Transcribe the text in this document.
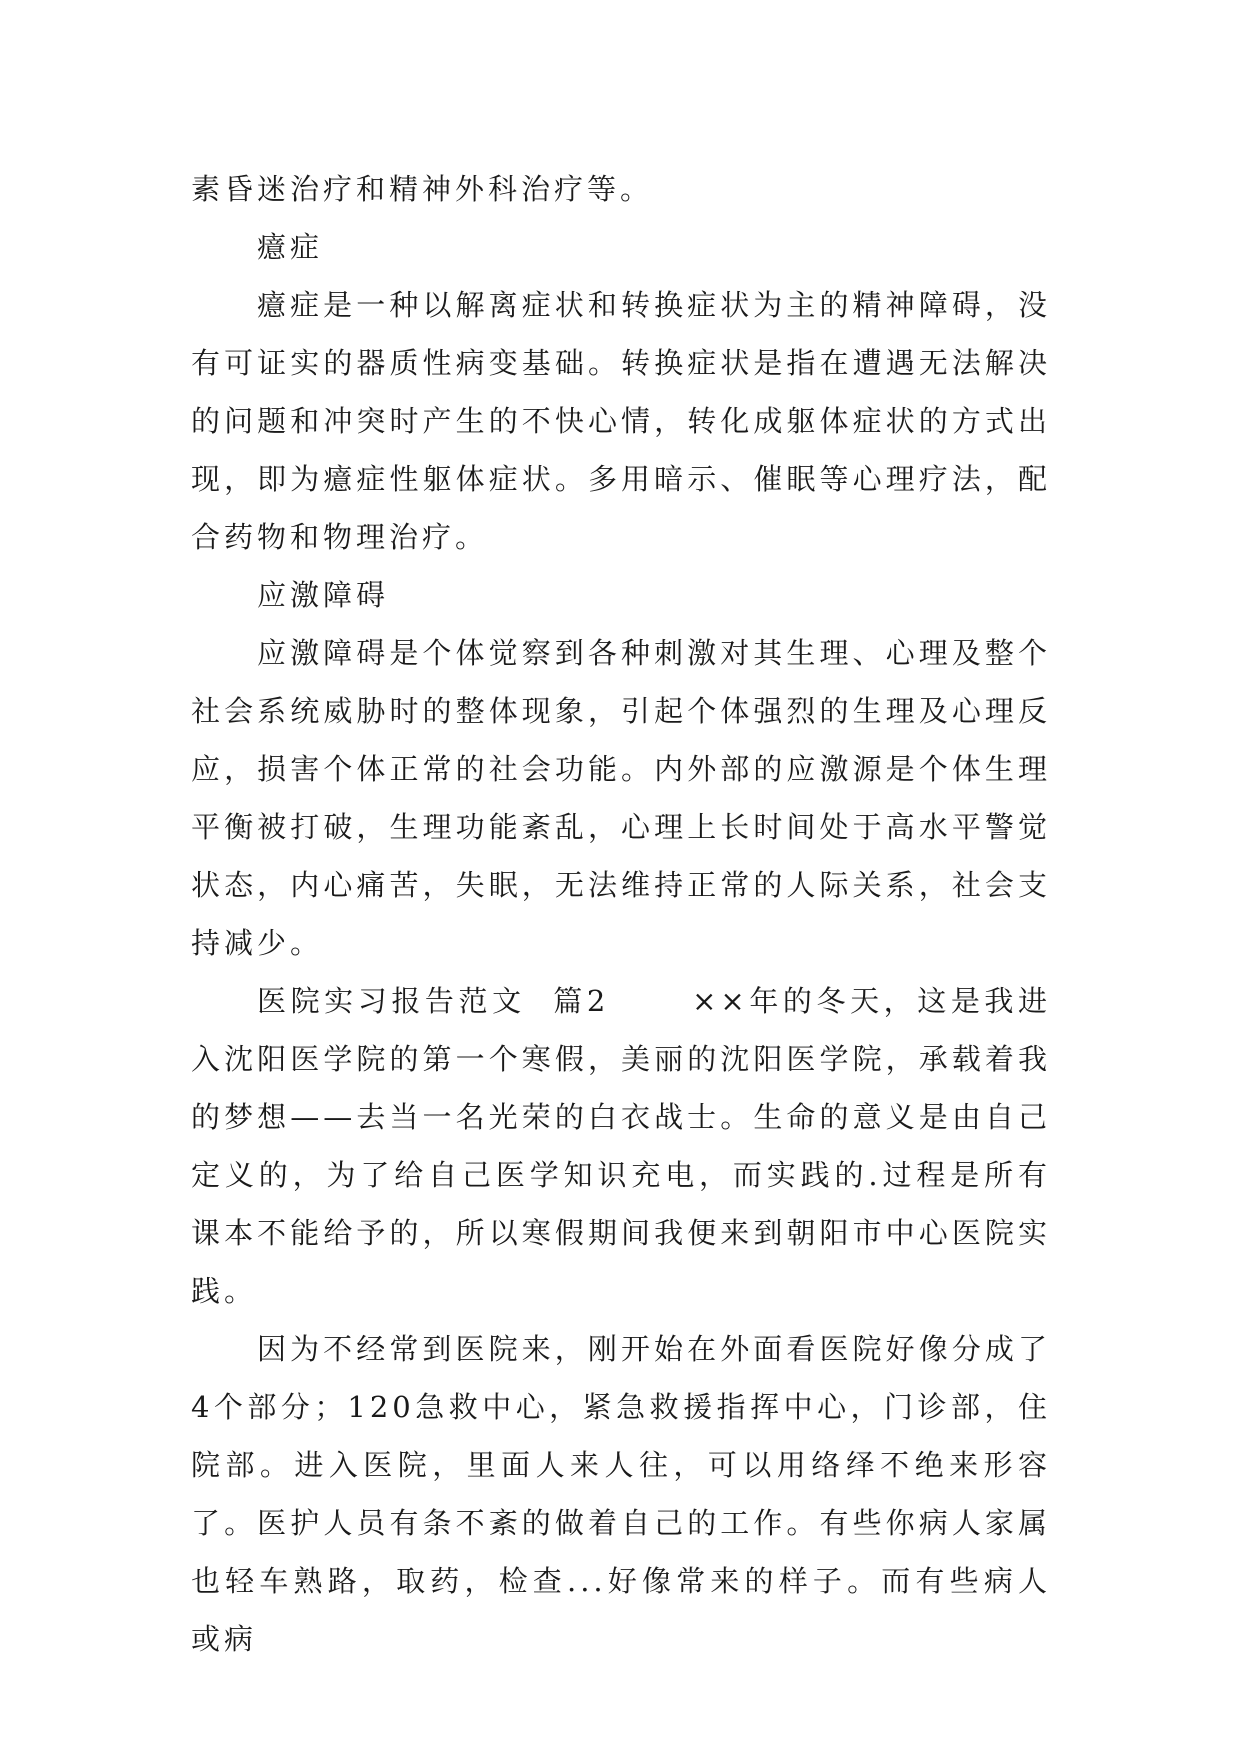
素昏迷治疗和精神外科治疗等。

癔症

癔症是一种以解离症状和转换症状为主的精神障碍，没有可证实的器质性病变基础。转换症状是指在遭遇无法解决的问题和冲突时产生的不快心情，转化成躯体症状的方式出现，即为癔症性躯体症状。多用暗示、催眠等心理疗法，配合药物和物理治疗。

应激障碍

应激障碍是个体觉察到各种刺激对其生理、心理及整个社会系统威胁时的整体现象，引起个体强烈的生理及心理反应，损害个体正常的社会功能。内外部的应激源是个体生理平衡被打破，生理功能紊乱，心理上长时间处于高水平警觉状态，内心痛苦，失眠，无法维持正常的人际关系，社会支持减少。

医院实习报告范文  篇2      ××年的冬天，这是我进入沈阳医学院的第一个寒假，美丽的沈阳医学院，承载着我的梦想——去当一名光荣的白衣战士。生命的意义是由自己定义的，为了给自己医学知识充电，而实践的.过程是所有课本不能给予的，所以寒假期间我便来到朝阳市中心医院实践。

因为不经常到医院来，刚开始在外面看医院好像分成了4个部分；120急救中心，紧急救援指挥中心，门诊部，住院部。进入医院，里面人来人往，可以用络绎不绝来形容了。医护人员有条不紊的做着自己的工作。有些你病人家属也轻车熟路，取药，检查...好像常来的样子。而有些病人或病
